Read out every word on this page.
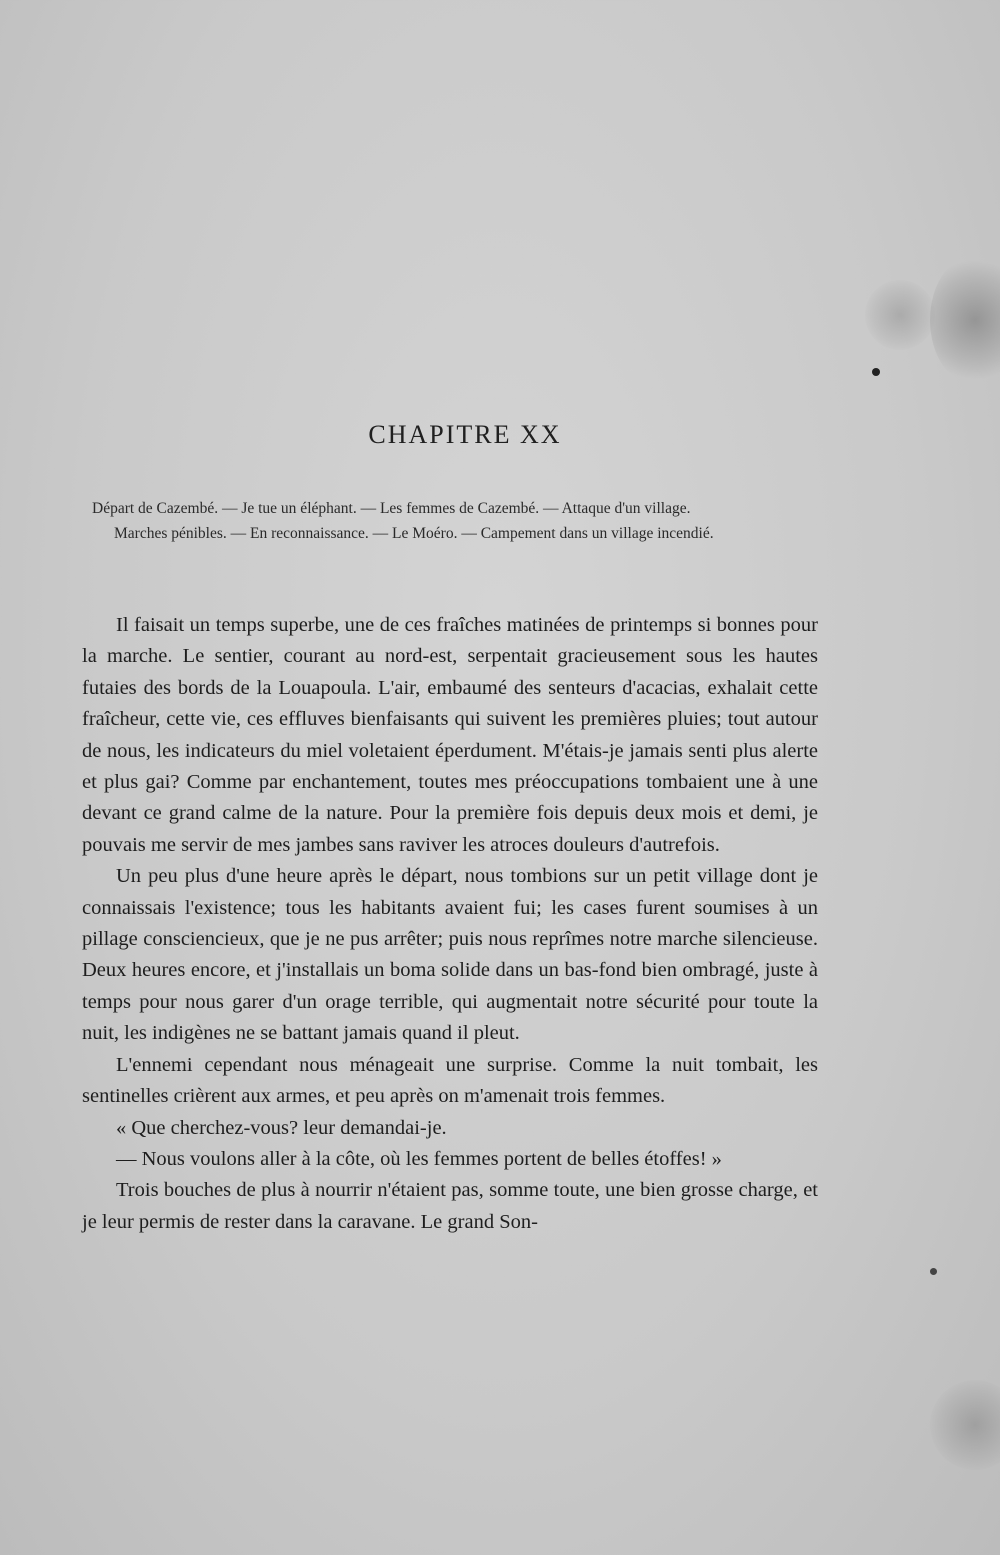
CHAPITRE XX
Départ de Cazembé. — Je tue un éléphant. — Les femmes de Cazembé. — Attaque d'un village.
Marches pénibles. — En reconnaissance. — Le Moéro. — Campement dans un village incendié.

Il faisait un temps superbe, une de ces fraîches matinées de printemps si bonnes pour la marche. Le sentier, courant au nord-est, serpentait gracieusement sous les hautes futaies des bords de la Louapoula. L'air, embaumé des senteurs d'acacias, exhalait cette fraîcheur, cette vie, ces effluves bienfaisants qui suivent les premières pluies; tout autour de nous, les indicateurs du miel voletaient éperdument. M'étais-je jamais senti plus alerte et plus gai? Comme par enchantement, toutes mes préoccupations tombaient une à une devant ce grand calme de la nature. Pour la première fois depuis deux mois et demi, je pouvais me servir de mes jambes sans raviver les atroces douleurs d'autrefois.

Un peu plus d'une heure après le départ, nous tombions sur un petit village dont je connaissais l'existence; tous les habitants avaient fui; les cases furent soumises à un pillage consciencieux, que je ne pus arrêter; puis nous reprîmes notre marche silencieuse. Deux heures encore, et j'installais un boma solide dans un bas-fond bien ombragé, juste à temps pour nous garer d'un orage terrible, qui augmentait notre sécurité pour toute la nuit, les indigènes ne se battant jamais quand il pleut.

L'ennemi cependant nous ménageait une surprise. Comme la nuit tombait, les sentinelles crièrent aux armes, et peu après on m'amenait trois femmes.

« Que cherchez-vous? leur demandai-je.

— Nous voulons aller à la côte, où les femmes portent de belles étoffes! »

Trois bouches de plus à nourrir n'étaient pas, somme toute, une bien grosse charge, et je leur permis de rester dans la caravane. Le grand Son-
